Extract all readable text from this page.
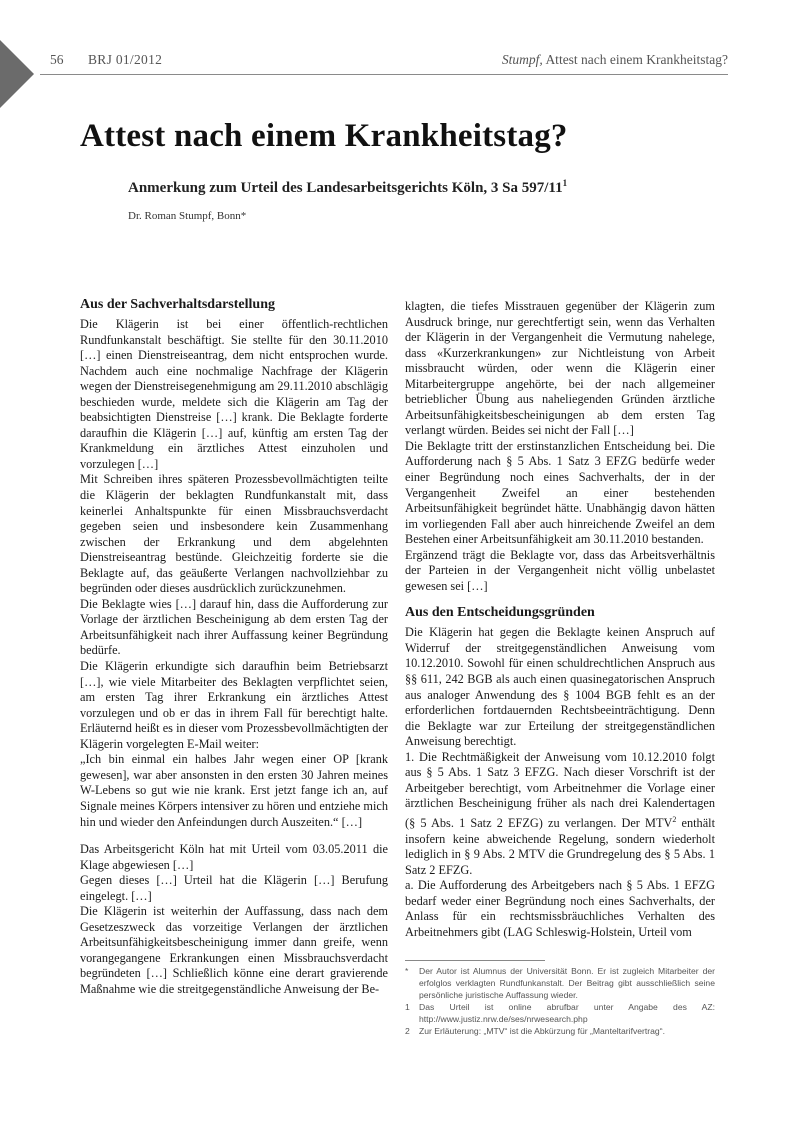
56 BRJ 01/2012	Stumpf, Attest nach einem Krankheitstag?
Attest nach einem Krankheitstag?

Anmerkung zum Urteil des Landesarbeitsgerichts Köln, 3 Sa $597/11^1$

Dr. Roman Stumpf, Bonn*

Aus der Sachverhaltsdarstellung

Die Klägerin ist bei einer öffentlich-rechtlichen Rundfunkanstalt beschäftigt. Sie stellte für den 30.11.2010 […] einen Dienstreiseantrag, dem nicht entsprochen wurde. Nachdem auch eine nochmalige Nachfrage der Klägerin wegen der Dienstreisegenehmigung am 29.11.2010 abschlägig beschieden wurde, meldete sich die Klägerin am Tag der beabsichtigten Dienstreise […] krank. Die Beklagte forderte daraufhin die Klägerin […] auf, künftig am ersten Tag der Krankmeldung ein ärztliches Attest einzuholen und vorzulegen […]

Mit Schreiben ihres späteren Prozessbevollmächtigten teilte die Klägerin der beklagten Rundfunkanstalt mit, dass keinerlei Anhaltspunkte für einen Missbrauchsverdacht gegeben seien und insbesondere kein Zusammenhang zwischen der Erkrankung und dem abgelehnten Dienstreiseantrag bestünde. Gleichzeitig forderte sie die Beklagte auf, das geäußerte Verlangen nachvollziehbar zu begründen oder dieses ausdrücklich zurückzunehmen.

Die Beklagte wies […] darauf hin, dass die Aufforderung zur Vorlage der ärztlichen Bescheinigung ab dem ersten Tag der Arbeitsunfähigkeit nach ihrer Auffassung keiner Begründung bedürfe.

Die Klägerin erkundigte sich daraufhin beim Betriebsarzt […], wie viele Mitarbeiter des Beklagten verpflichtet seien, am ersten Tag ihrer Erkrankung ein ärztliches Attest vorzulegen und ob er das in ihrem Fall für berechtigt halte. Erläuternd heißt es in dieser vom Prozessbevollmächtigten der Klägerin vorgelegten E-Mail weiter:

„Ich bin einmal ein halbes Jahr wegen einer OP [krank gewesen], war aber ansonsten in den ersten 30 Jahren meines W-Lebens so gut wie nie krank. Erst jetzt fange ich an, auf Signale meines Körpers intensiver zu hören und entziehe mich hin und wieder den Anfeindungen durch Auszeiten.“ […]

Das Arbeitsgericht Köln hat mit Urteil vom 03.05.2011 die Klage abgewiesen […]

Gegen dieses […] Urteil hat die Klägerin […] Berufung eingelegt. […]

Die Klägerin ist weiterhin der Auffassung, dass nach dem Gesetzeszweck das vorzeitige Verlangen der ärztlichen Arbeitsunfähigkeitsbescheinigung immer dann greife, wenn vorangegangene Erkrankungen einen Missbrauchsverdacht begründeten […] Schließlich könne eine derart gravierende Maßnahme wie die streitgegenständliche Anweisung der Be-

klagten, die tiefes Misstrauen gegenüber der Klägerin zum Ausdruck bringe, nur gerechtfertigt sein, wenn das Verhalten der Klägerin in der Vergangenheit die Vermutung nahelege, dass «Kurzerkrankungen» zur Nichtleistung von Arbeit missbraucht würden, oder wenn die Klägerin einer Mitarbeitergruppe angehörte, bei der nach allgemeiner betrieblicher Übung aus naheliegenden Gründen ärztliche Arbeitsunfähigkeitsbescheinigungen ab dem ersten Tag verlangt würden. Beides sei nicht der Fall […]

Die Beklagte tritt der erstinstanzlichen Entscheidung bei. Die Aufforderung nach § 5 Abs. 1 Satz 3 EFZG bedürfe weder einer Begründung noch eines Sachverhalts, der in der Vergangenheit Zweifel an einer bestehenden Arbeitsunfähigkeit begründet hätte. Unabhängig davon hätten im vorliegenden Fall aber auch hinreichende Zweifel an dem Bestehen einer Arbeitsunfähigkeit am 30.11.2010 bestanden.

Ergänzend trägt die Beklagte vor, dass das Arbeitsverhältnis der Parteien in der Vergangenheit nicht völlig unbelastet gewesen sei […]

Aus den Entscheidungsgründen

Die Klägerin hat gegen die Beklagte keinen Anspruch auf Widerruf der streitgegenständlichen Anweisung vom 10.12.2010. Sowohl für einen schuldrechtlichen Anspruch aus §§ 611, 242 BGB als auch einen quasinegatorischen Anspruch aus analoger Anwendung des § 1004 BGB fehlt es an der erforderlichen fortdauernden Rechtsbeeinträchtigung. Denn die Beklagte war zur Erteilung der streitgegenständlichen Anweisung berechtigt.

1. Die Rechtmäßigkeit der Anweisung vom 10.12.2010 folgt aus § 5 Abs. 1 Satz 3 EFZG. Nach dieser Vorschrift ist der Arbeitgeber berechtigt, vom Arbeitnehmer die Vorlage einer ärztlichen Bescheinigung früher als nach drei Kalendertagen (§ 5 Abs. 1 Satz 2 EFZG) zu verlangen. Der MTV$^2$ enthält insofern keine abweichende Regelung, sondern wiederholt lediglich in § 9 Abs. 2 MTV die Grundregelung des § 5 Abs. 1 Satz 2 EFZG.

a. Die Aufforderung des Arbeitgebers nach § 5 Abs. 1 EFZG bedarf weder einer Begründung noch eines Sachverhalts, der Anlass für ein rechtsmissbräuchliches Verhalten des Arbeitnehmers gibt (LAG Schleswig-Holstein, Urteil vom

* Der Autor ist Alumnus der Universität Bonn. Er ist zugleich Mitarbeiter der erfolglos verklagten Rundfunkanstalt. Der Beitrag gibt ausschließlich seine persönliche juristische Auffassung wieder.

1 Das Urteil ist online abrufbar unter Angabe des AZ: http://www.justiz.nrw.de/ses/nrwesearch.php

2 Zur Erläuterung: „MTV“ ist die Abkürzung für „Manteltarifvertrag“.
